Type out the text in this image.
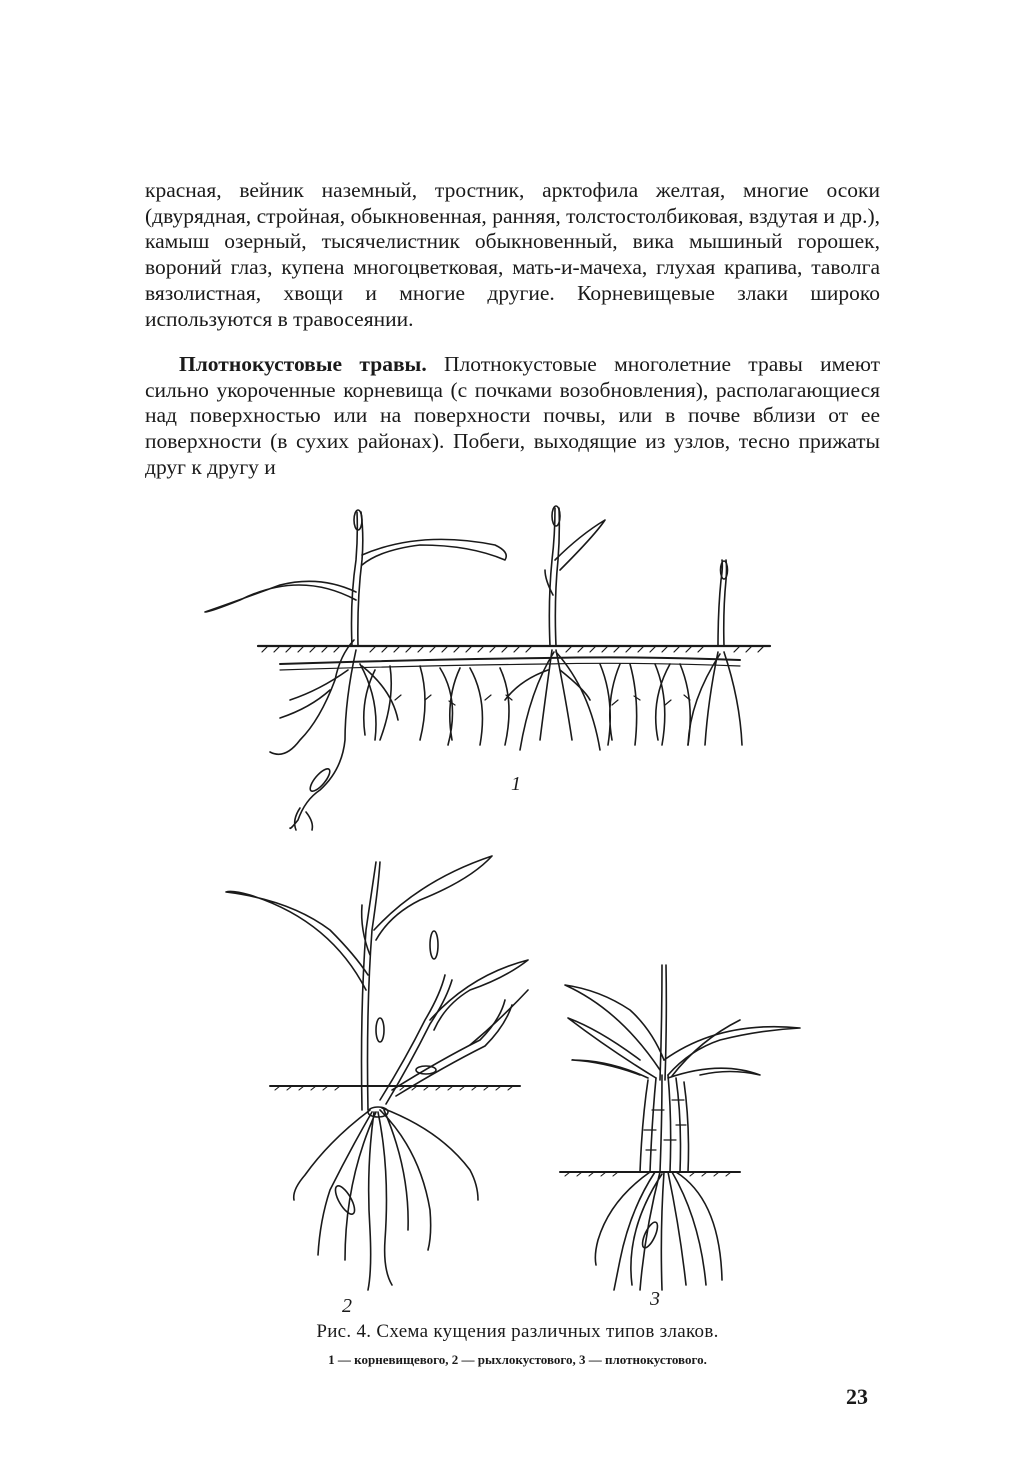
красная, вейник наземный, тростник, арктофила желтая, многие осоки (двурядная, стройная, обыкновенная, ранняя, толстостолбиковая, вздутая и др.), камыш озерный, тысячелистник обыкновенный, вика мышиный горошек, вороний глаз, купена многоцветковая, мать-и-мачеха, глухая крапива, таволга вязолистная, хвощи и многие другие. Корневищевые злаки широко используются в травосеянии.

Плотнокустовые травы. Плотнокустовые многолетние травы имеют сильно укороченные корневища (с почками возобновления), располагающиеся над поверхностью или на поверхности почвы, или в почве вблизи от ее поверхности (в сухих районах). Побеги, выходящие из узлов, тесно прижаты друг к другу и

1
2	3
Рис. 4. Схема кущения различных типов злаков.
1 — корневищевого, 2 — рыхлокустового, 3 — плотнокустового.
23
